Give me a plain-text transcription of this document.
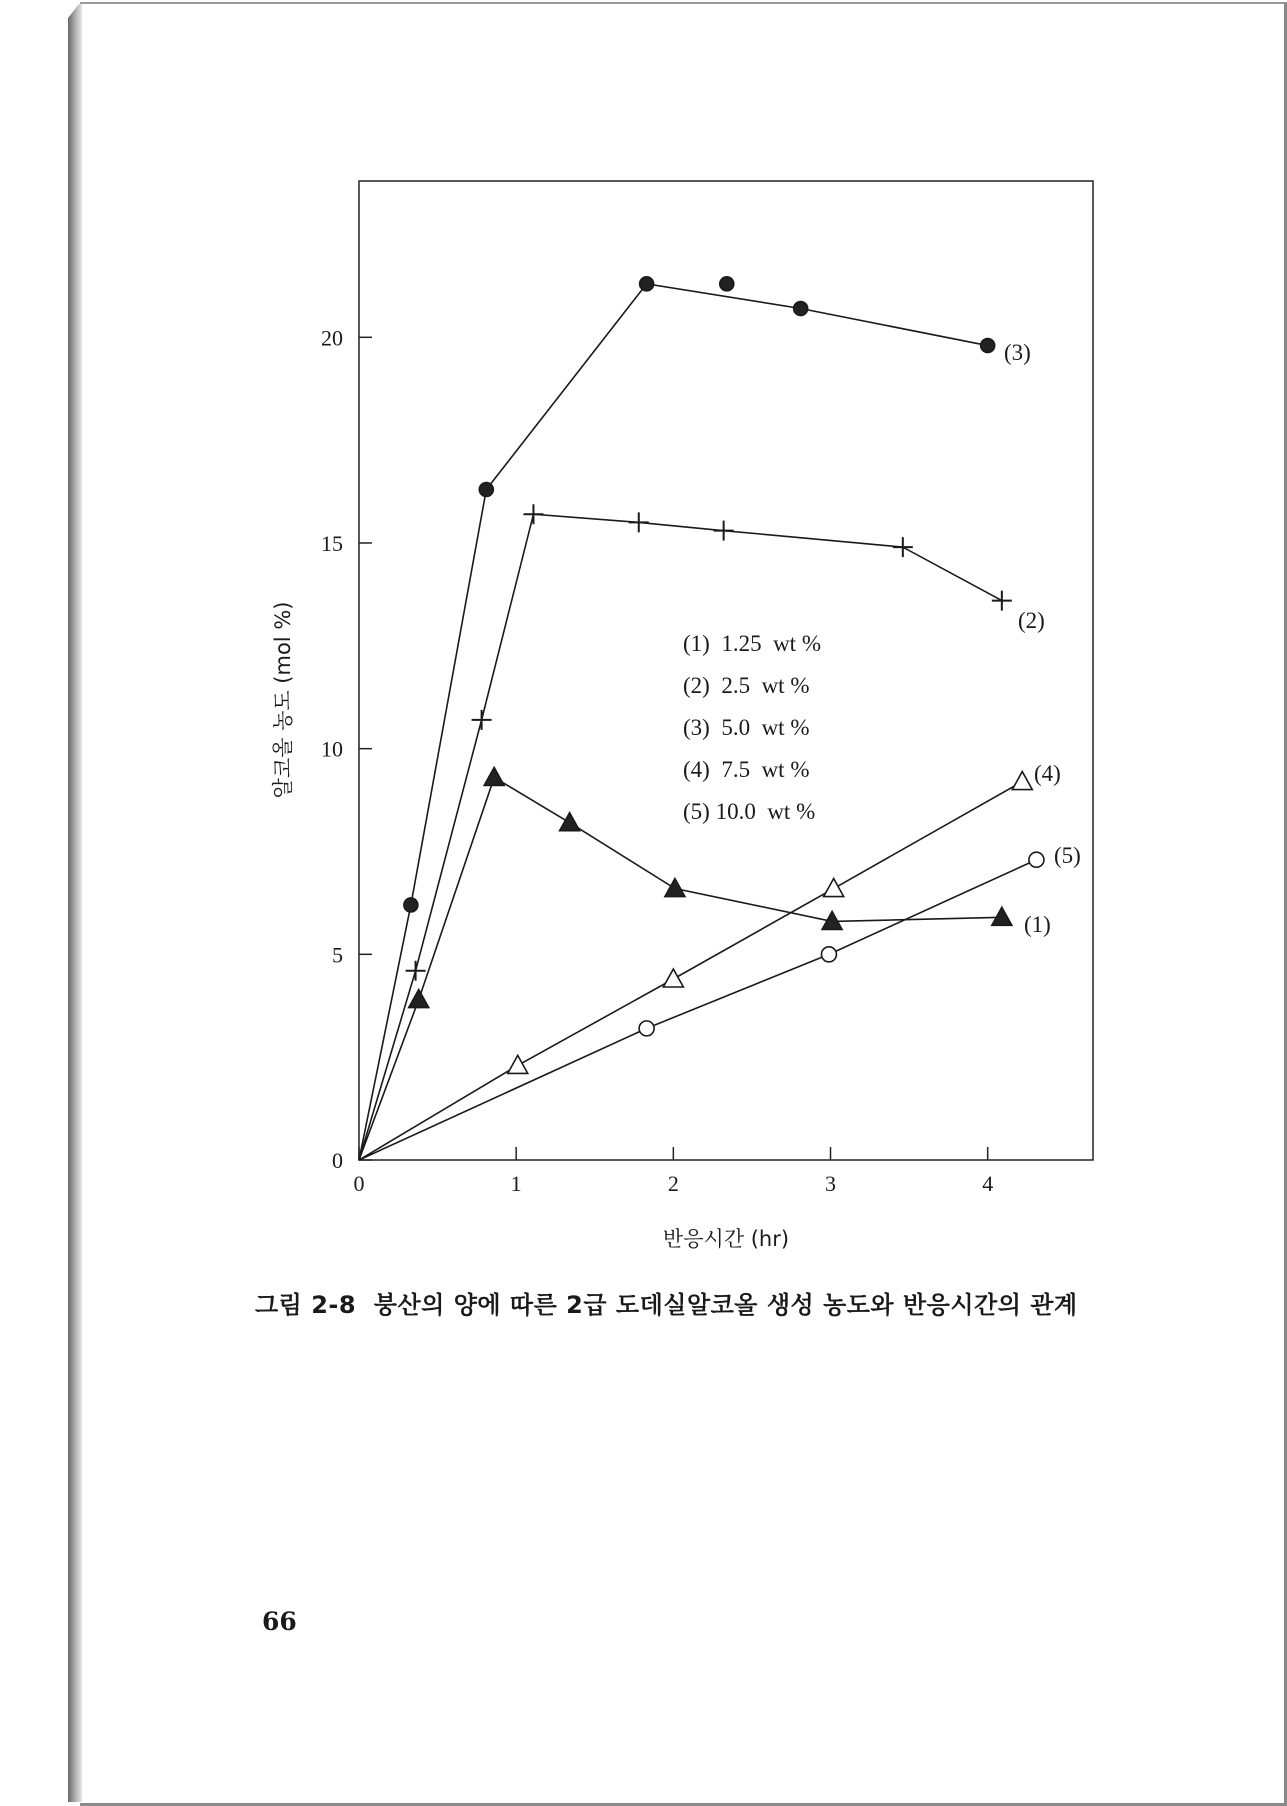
0	1	2	3	4
0
5
10
15
20
(1)  1.25  wt %
(2)  2.5  wt %
(3)  5.0  wt %
(4)  7.5  wt %
(5) 10.0  wt %
(1)
(2)
(3)
(4)
(5)
반응시간 (hr)
알코올 농도 (mol %)
그림 2-8  붕산의 양에 따른 2급 도데실알코올 생성 농도와 반응시간의 관계
66
